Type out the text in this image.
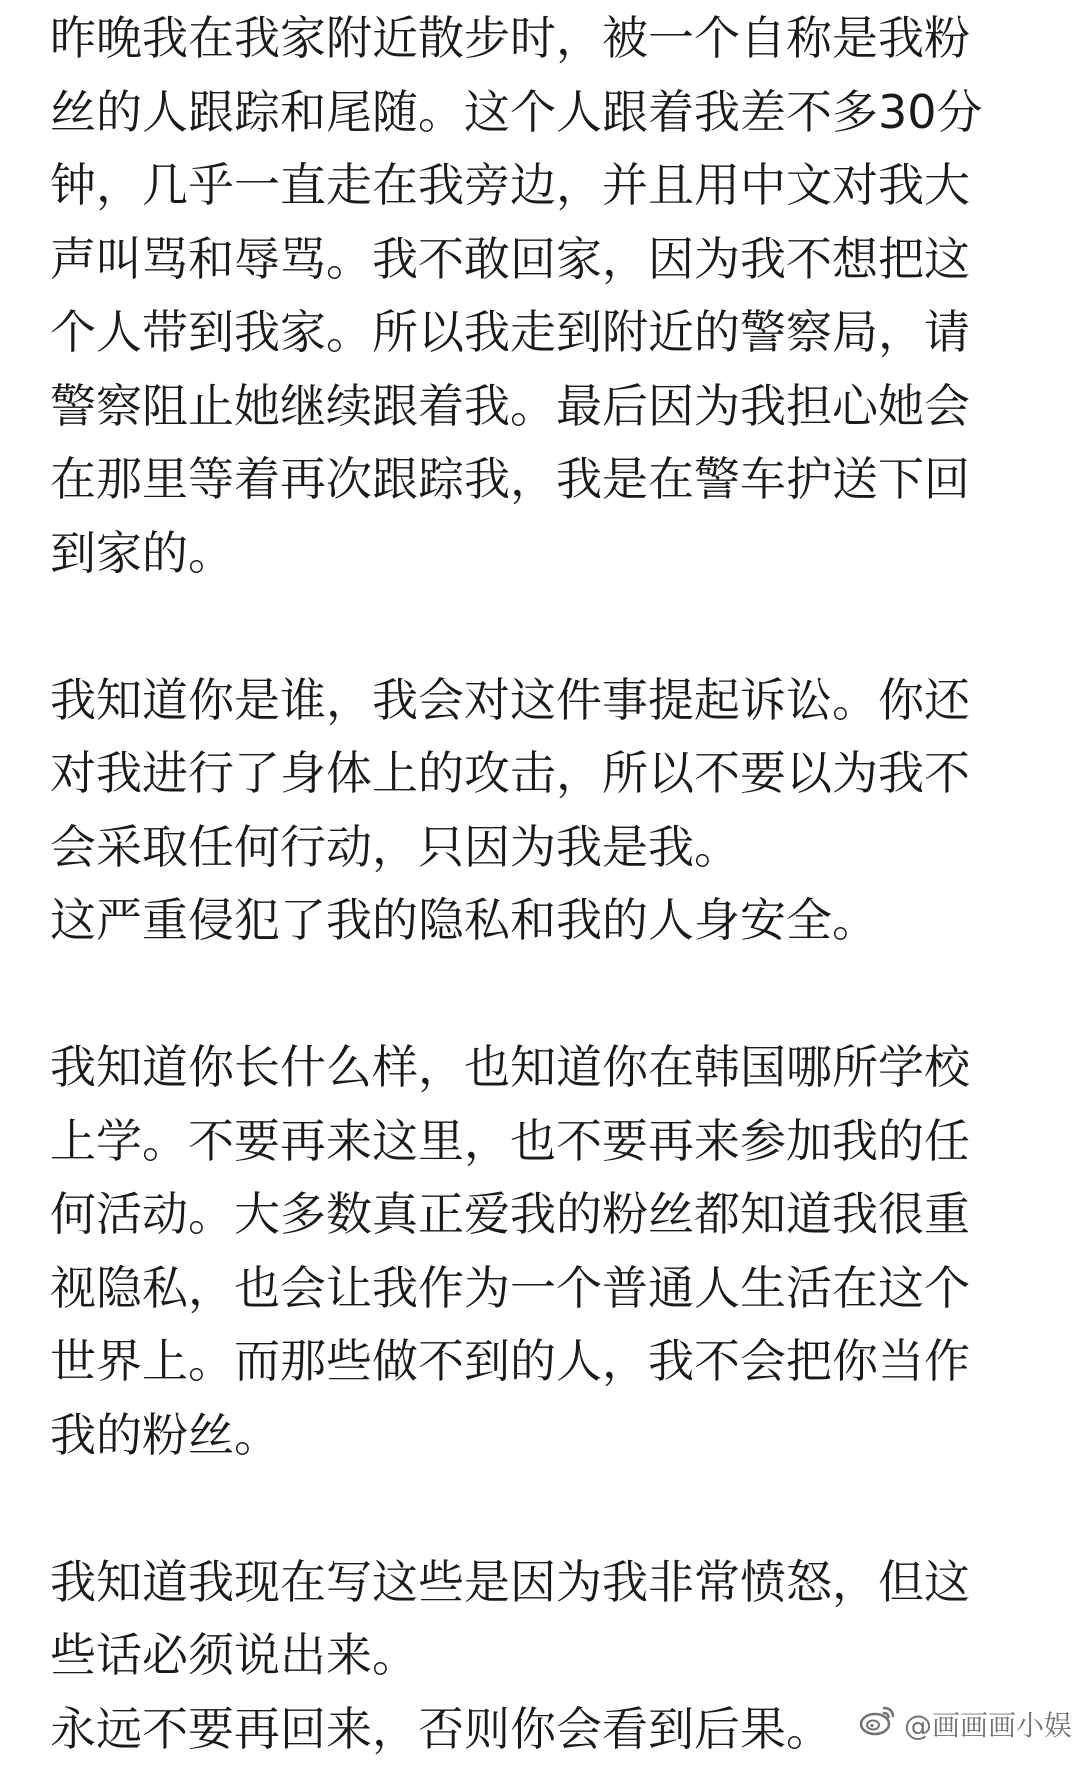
昨晚我在我家附近散步时，被一个自称是我粉
丝的人跟踪和尾随。这个人跟着我差不多30分
钟，几乎一直走在我旁边，并且用中文对我大
声叫骂和辱骂。我不敢回家，因为我不想把这
个人带到我家。所以我走到附近的警察局，请
警察阻止她继续跟着我。最后因为我担心她会
在那里等着再次跟踪我，我是在警车护送下回
到家的。
我知道你是谁，我会对这件事提起诉讼。你还
对我进行了身体上的攻击，所以不要以为我不
会采取任何行动，只因为我是我。
这严重侵犯了我的隐私和我的人身安全。
我知道你长什么样，也知道你在韩国哪所学校
上学。不要再来这里，也不要再来参加我的任
何活动。大多数真正爱我的粉丝都知道我很重
视隐私，也会让我作为一个普通人生活在这个
世界上。而那些做不到的人，我不会把你当作
我的粉丝。
我知道我现在写这些是因为我非常愤怒，但这
些话必须说出来。
永远不要再回来，否则你会看到后果。	@画画画小娱
